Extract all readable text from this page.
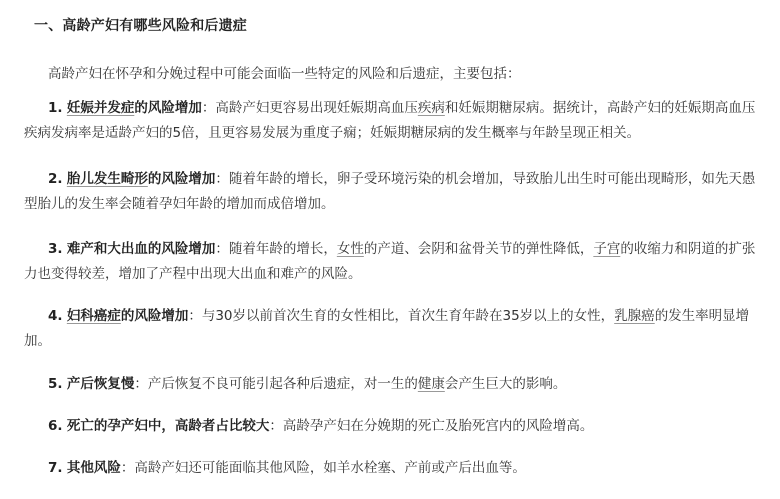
一、高龄产妇有哪些风险和后遗症
高龄产妇在怀孕和分娩过程中可能会面临一些特定的风险和后遗症，主要包括：
1. 妊娠并发症的风险增加：高龄产妇更容易出现妊娠期高血压疾病和妊娠期糖尿病。据统计，高龄产妇的妊娠期高血压疾病发病率是适龄产妇的5倍，且更容易发展为重度子痫；妊娠期糖尿病的发生概率与年龄呈现正相关。
2. 胎儿发生畸形的风险增加：随着年龄的增长，卵子受环境污染的机会增加，导致胎儿出生时可能出现畸形，如先天愚型胎儿的发生率会随着孕妇年龄的增加而成倍增加。
3. 难产和大出血的风险增加：随着年龄的增长，女性的产道、会阴和盆骨关节的弹性降低，子宫的收缩力和阴道的扩张力也变得较差，增加了产程中出现大出血和难产的风险。
4. 妇科癌症的风险增加：与30岁以前首次生育的女性相比，首次生育年龄在35岁以上的女性，乳腺癌的发生率明显增加。
5. 产后恢复慢：产后恢复不良可能引起各种后遗症，对一生的健康会产生巨大的影响。
6. 死亡的孕产妇中，高龄者占比较大：高龄孕产妇在分娩期的死亡及胎死宫内的风险增高。
7. 其他风险：高龄产妇还可能面临其他风险，如羊水栓塞、产前或产后出血等。
